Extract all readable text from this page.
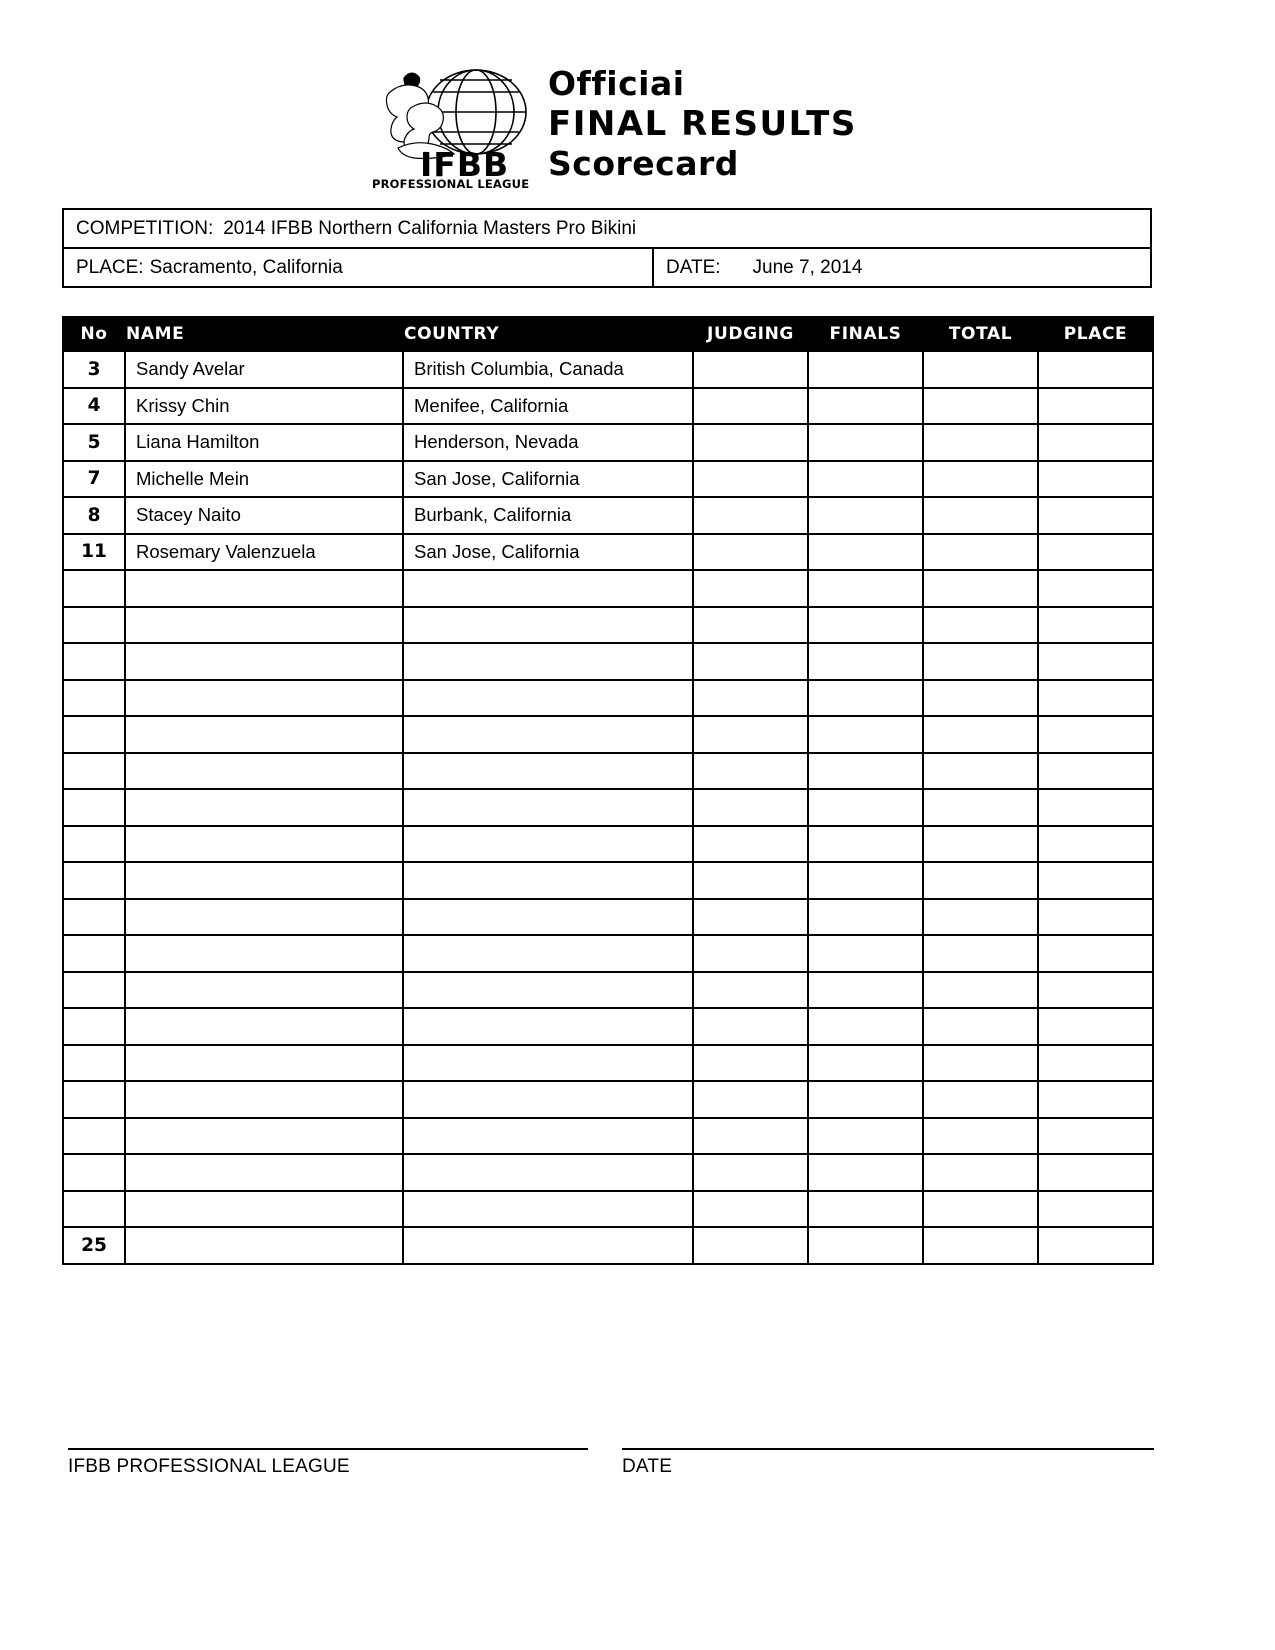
IFBB
PROFESSIONAL LEAGUE
Officiai
FINAL RESULTS
Scorecard
COMPETITION: 2014 IFBB Northern California Masters Pro Bikini
PLACE: Sacramento, California	DATE: June 7, 2014
No	NAME	COUNTRY	JUDGING	FINALS	TOTAL	PLACE
3	Sandy Avelar	British Columbia, Canada				
4	Krissy Chin	Menifee, California				
5	Liana Hamilton	Henderson, Nevada				
7	Michelle Mein	San Jose, California				
8	Stacey Naito	Burbank, California				
11	Rosemary Valenzuela	San Jose, California				

25						
IFBB PROFESSIONAL LEAGUE	DATE
